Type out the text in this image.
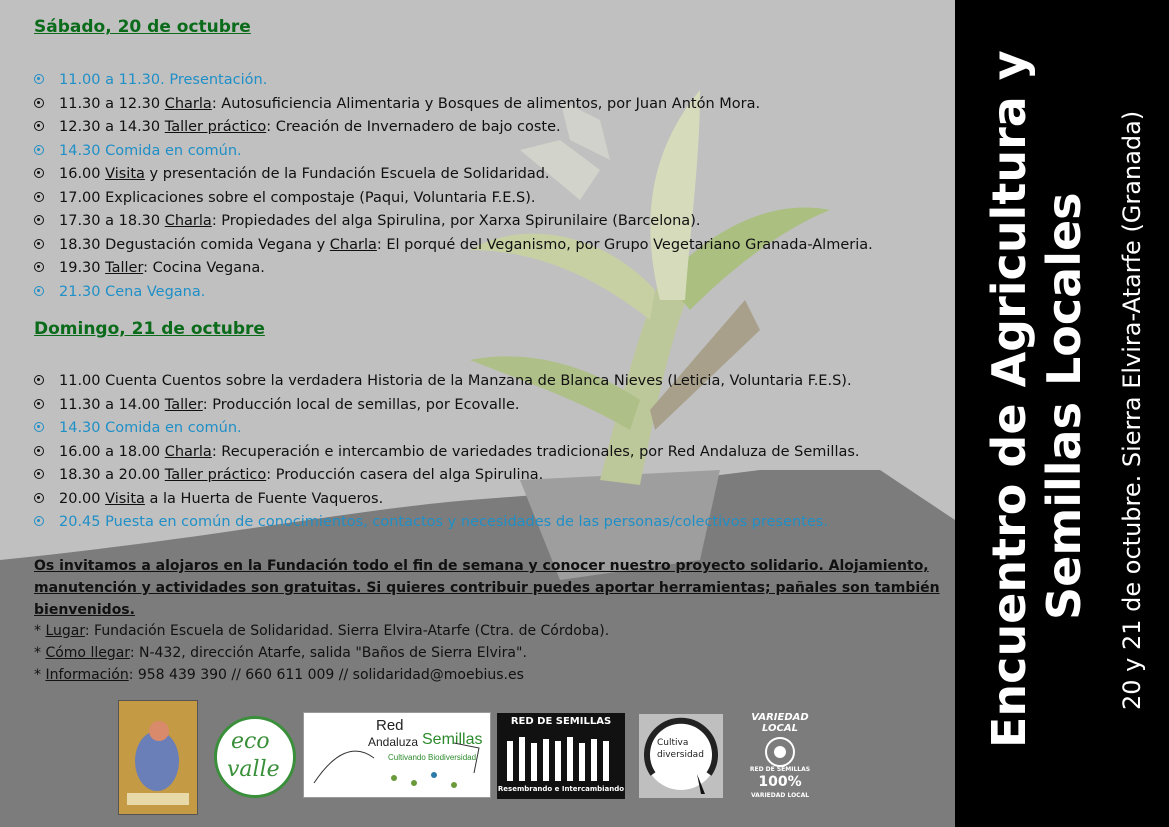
Encuentro de Agricultura y Semillas Locales 20 y 21 de octubre. Sierra Elvira-Atarfe (Granada)
Sábado, 20 de octubre
11.00 a 11.30. Presentación.
11.30 a 12.30 Charla: Autosuficiencia Alimentaria y Bosques de alimentos, por Juan Antón Mora.
12.30 a 14.30 Taller práctico: Creación de Invernadero de bajo coste.
14.30 Comida en común.
16.00 Visita y presentación de la Fundación Escuela de Solidaridad.
17.00 Explicaciones sobre el compostaje (Paqui, Voluntaria F.E.S).
17.30 a 18.30 Charla: Propiedades del alga Spirulina, por Xarxa Spirunilaire (Barcelona).
18.30 Degustación comida Vegana y Charla: El porqué del Veganismo, por Grupo Vegetariano Granada-Almeria.
19.30 Taller: Cocina Vegana.
21.30 Cena Vegana.
Domingo, 21 de octubre
11.00 Cuenta Cuentos sobre la verdadera Historia de la Manzana de Blanca Nieves (Leticia, Voluntaria F.E.S).
11.30 a 14.00 Taller: Producción local de semillas, por Ecovalle.
14.30 Comida en común.
16.00 a 18.00 Charla: Recuperación e intercambio de variedades tradicionales, por Red Andaluza de Semillas.
18.30 a 20.00 Taller práctico: Producción casera del alga Spirulina.
20.00 Visita a la Huerta de Fuente Vaqueros.
20.45 Puesta en común de conocimientos, contactos y necesidades de las personas/colectivos presentes.
Os invitamos a alojaros en la Fundación todo el fin de semana y conocer nuestro proyecto solidario. Alojamiento, manutención y actividades son gratuitas. Si quieres contribuir puedes aportar herramientas; pañales son también bienvenidos.
* Lugar: Fundación Escuela de Solidaridad. Sierra Elvira-Atarfe (Ctra. de Córdoba).
* Cómo llegar: N-432, dirección Atarfe, salida "Baños de Sierra Elvira".
* Información: 958 439 390 // 660 611 009 // solidaridad@moebius.es
eco
valle
Red
Andaluza Semillas
Cultivando Biodiversidad
RED DE SEMILLAS
Resembrando e Intercambiando
Cultiva
diversidad
VARIEDAD LOCAL
RED DE SEMILLAS
100%
VARIEDAD LOCAL
